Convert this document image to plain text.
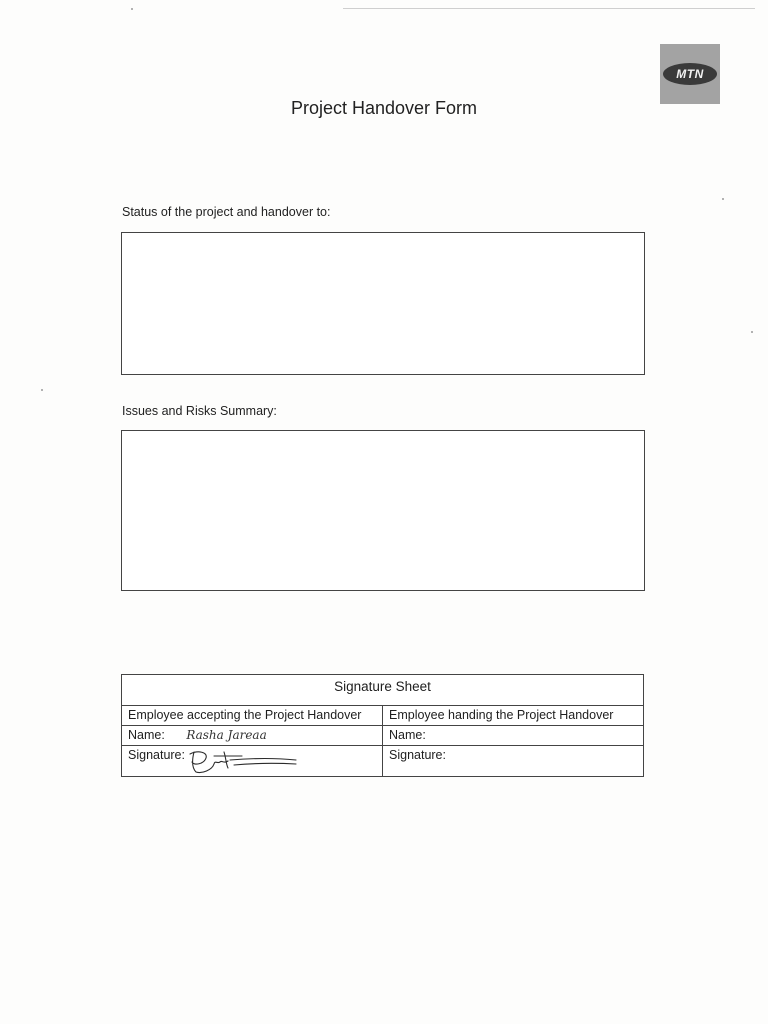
MTN
Project Handover Form
Status of the project and handover to:
Issues and Risks Summary:
Signature Sheet	
Employee accepting the Project Handover	Employee handing the Project Handover
Name: Rasha Jareaa	Name:
Signature:	Signature:
